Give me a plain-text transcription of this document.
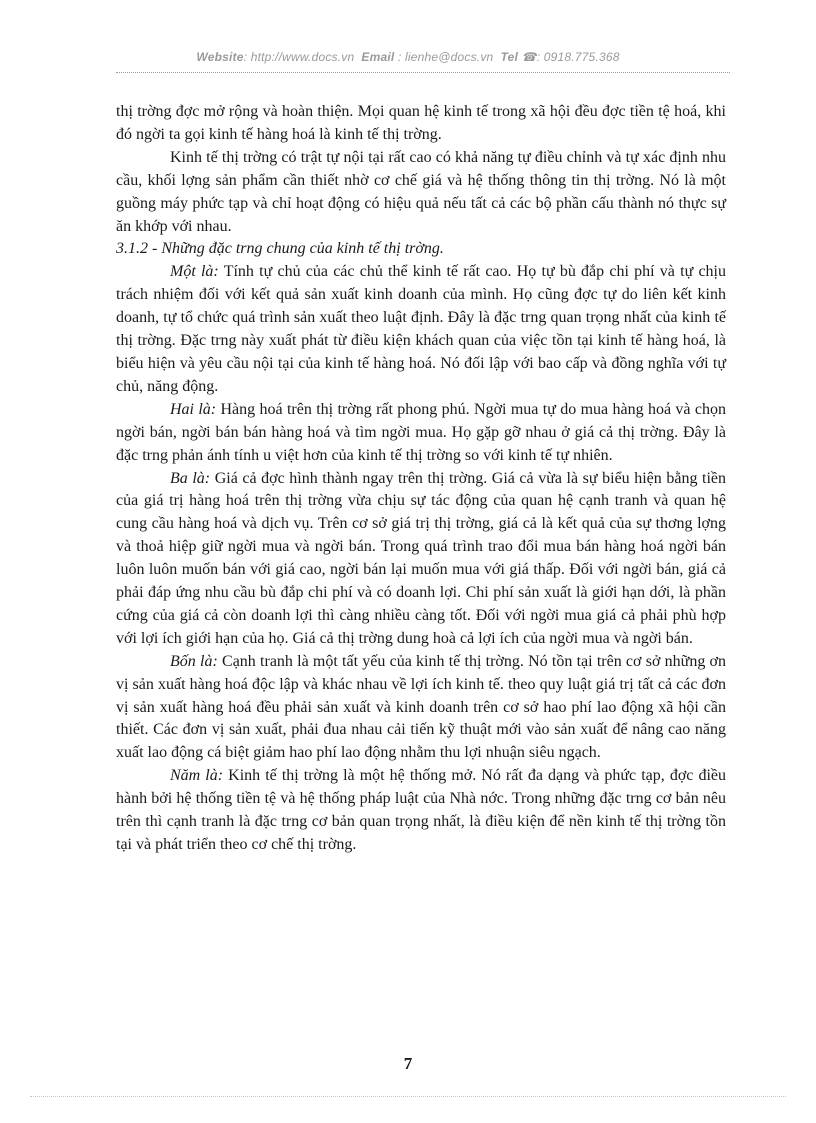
Website: http://www.docs.vn Email : lienhe@docs.vn Tel ☎: 0918.775.368

thị trờng đợc mở rộng và hoàn thiện. Mọi quan hệ kinh tế trong xã hội đều đợc tiền tệ hoá, khi đó ngời ta gọi kinh tế hàng hoá là kinh tế thị trờng.

Kinh tế thị trờng có trật tự nội tại rất cao có khả năng tự điều chỉnh và tự xác định nhu cầu, khối lợng sản phẩm cần thiết nhờ cơ chế giá và hệ thống thông tin thị trờng. Nó là một guồng máy phức tạp và chỉ hoạt động có hiệu quả nếu tất cả các bộ phần cấu thành nó thực sự ăn khớp với nhau.

3.1.2 - Những đặc trng chung của kinh tế thị trờng.

Một là: Tính tự chủ của các chủ thể kinh tế rất cao. Họ tự bù đắp chi phí và tự chịu trách nhiệm đối với kết quả sản xuất kinh doanh của mình. Họ cũng đợc tự do liên kết kinh doanh, tự tổ chức quá trình sản xuất theo luật định. Đây là đặc trng quan trọng nhất của kinh tế thị trờng. Đặc trng này xuất phát từ điều kiện khách quan của việc tồn tại kinh tế hàng hoá, là biểu hiện và yêu cầu nội tại của kinh tế hàng hoá. Nó đối lập với bao cấp và đồng nghĩa với tự chủ, năng động.

Hai là: Hàng hoá trên thị trờng rất phong phú. Ngời mua tự do mua hàng hoá và chọn ngời bán, ngời bán bán hàng hoá và tìm ngời mua. Họ gặp gỡ nhau ở giá cả thị trờng. Đây là đặc trng phản ánh tính u việt hơn của kinh tế thị trờng so với kinh tế tự nhiên.

Ba là: Giá cả đợc hình thành ngay trên thị trờng. Giá cả vừa là sự biểu hiện bằng tiền của giá trị hàng hoá trên thị trờng vừa chịu sự tác động của quan hệ cạnh tranh và quan hệ cung cầu hàng hoá và dịch vụ. Trên cơ sở giá trị thị trờng, giá cả là kết quả của sự thơng lợng và thoả hiệp giữ ngời mua và ngời bán. Trong quá trình trao đổi mua bán hàng hoá ngời bán luôn luôn muốn bán với giá cao, ngời bán lại muốn mua với giá thấp. Đối với ngời bán, giá cả phải đáp ứng nhu cầu bù đắp chi phí và có doanh lợi. Chi phí sản xuất là giới hạn dới, là phần cứng của giá cả còn doanh lợi thì càng nhiều càng tốt. Đối với ngời mua giá cả phải phù hợp với lợi ích giới hạn của họ. Giá cả thị trờng dung hoà cả lợi ích của ngời mua và ngời bán.

Bốn là: Cạnh tranh là một tất yếu của kinh tế thị trờng. Nó tồn tại trên cơ sở những ơn vị sản xuất hàng hoá độc lập và khác nhau về lợi ích kinh tế. theo quy luật giá trị tất cả các đơn vị sản xuất hàng hoá đều phải sản xuất và kinh doanh trên cơ sở hao phí lao động xã hội cần thiết. Các đơn vị sản xuất, phải đua nhau cải tiến kỹ thuật mới vào sản xuất để nâng cao năng xuất lao động cá biệt giảm hao phí lao động nhằm thu lợi nhuận siêu ngạch.

Năm là: Kinh tế thị trờng là một hệ thống mở. Nó rất đa dạng và phức tạp, đợc điều hành bởi hệ thống tiền tệ và hệ thống pháp luật của Nhà nớc. Trong những đặc trng cơ bản nêu trên thì cạnh tranh là đặc trng cơ bản quan trọng nhất, là điều kiện để nền kinh tế thị trờng tồn tại và phát triển theo cơ chế thị trờng.

7
